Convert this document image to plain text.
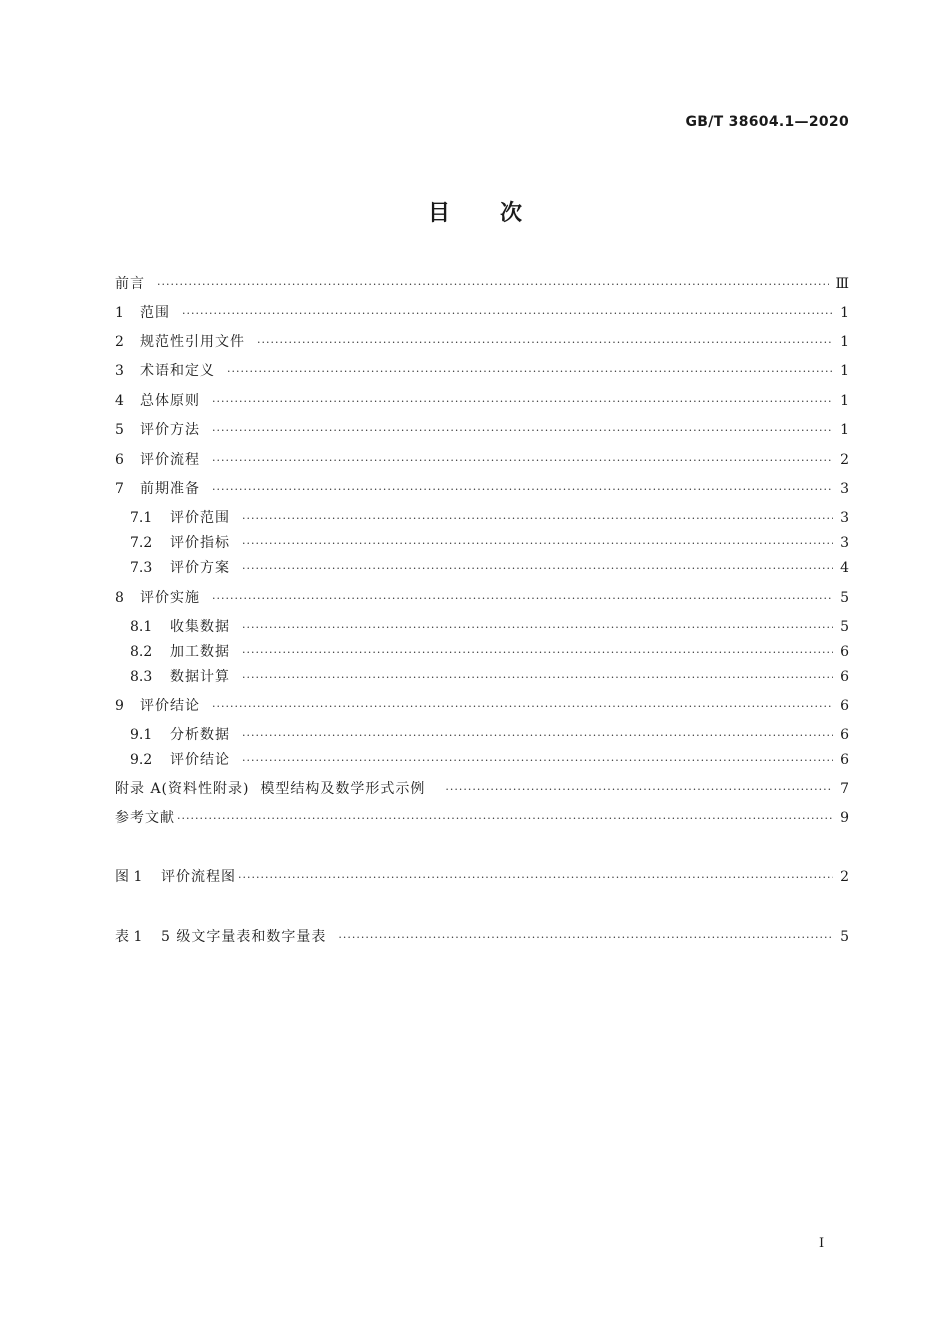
GB/T 38604.1—2020
目次
前言 ·····	Ⅲ
1	范围 ·····	1
2	规范性引用文件 ·····	1
3	术语和定义 ·····	1
4	总体原则 ·····	1
5	评价方法 ·····	1
6	评价流程 ·····	2
7	前期准备 ·····	3
7.1	评价范围 ·····	3
7.2	评价指标 ·····	3
7.3	评价方案 ·····	4
8	评价实施 ·····	5
8.1	收集数据 ·····	5
8.2	加工数据 ·····	6
8.3	数据计算 ·····	6
9	评价结论 ·····	6
9.1	分析数据 ·····	6
9.2	评价结论 ·····	6
附录 A(资料性附录)  模型结构及数学形式示例 ·····	7
参考文献 ·····	9
图 1	评价流程图 ·····	2
表 1	5 级文字量表和数字量表 ·····	5
I
